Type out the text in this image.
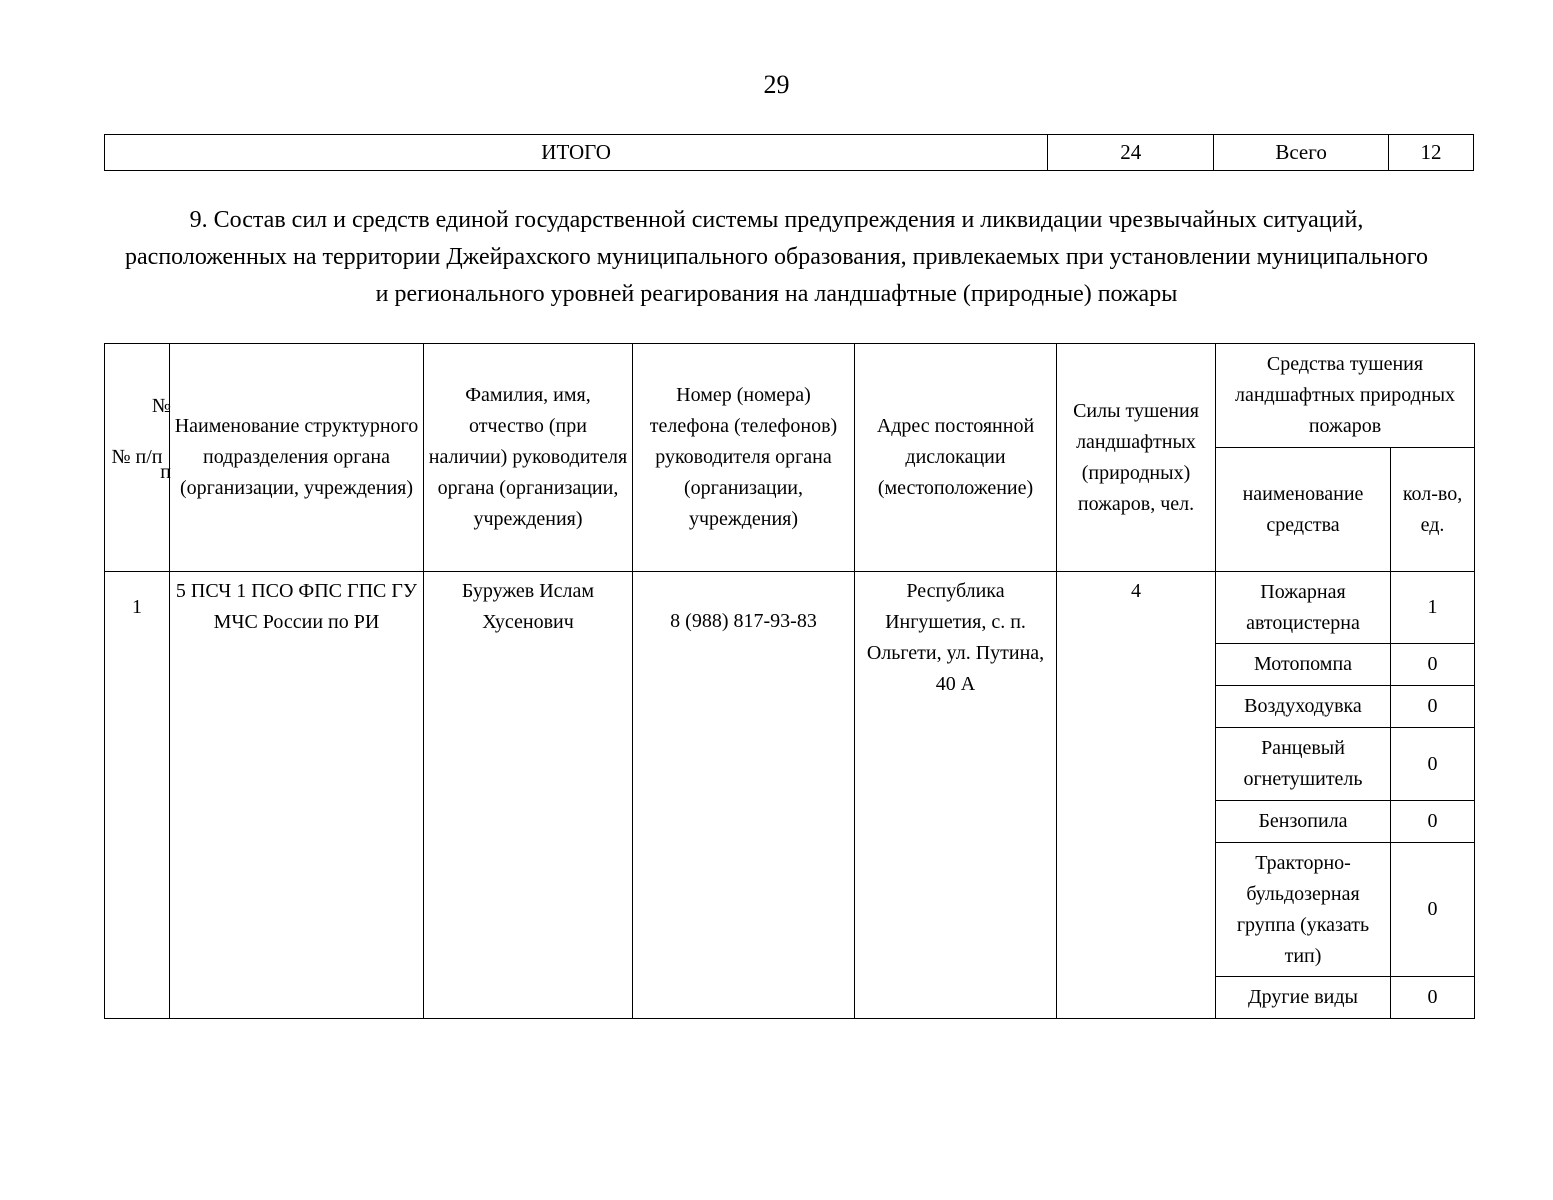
29
ИТОГО	24	Всего	12
9. Состав сил и средств единой государственной системы предупреждения и ликвидации чрезвычайных ситуаций, расположенных на территории Джейрахского муниципального образования, привлекаемых при установлении муниципального и регионального уровней реагирования на ландшафтные (природные) пожары
№ п/п
№
п	Наименование структурного подразделения органа (организации, учреждения)	Фамилия, имя, отчество (при наличии) руководителя органа (организации, учреждения)	Номер (номера) телефона (телефонов) руководителя органа (организации, учреждения)	Адрес постоянной дислокации (местоположение)	Силы тушения ландшафтных (природных) пожаров, чел.	Средства тушения ландшафтных природных пожаров	
						наименование средства	кол-во, ед.
1	5 ПСЧ 1 ПСО ФПС ГПС ГУ МЧС России по РИ	Буружев Ислам Хусенович	8 (988) 817-93-83	Республика Ингушетия, с. п. Ольгети, ул. Путина, 40 А	4	Пожарная автоцистерна	1
						Мотопомпа	0
						Воздуходувка	0
						Ранцевый огнетушитель	0
						Бензопила	0
						Тракторно-бульдозерная группа (указать тип)	0
						Другие виды	0
